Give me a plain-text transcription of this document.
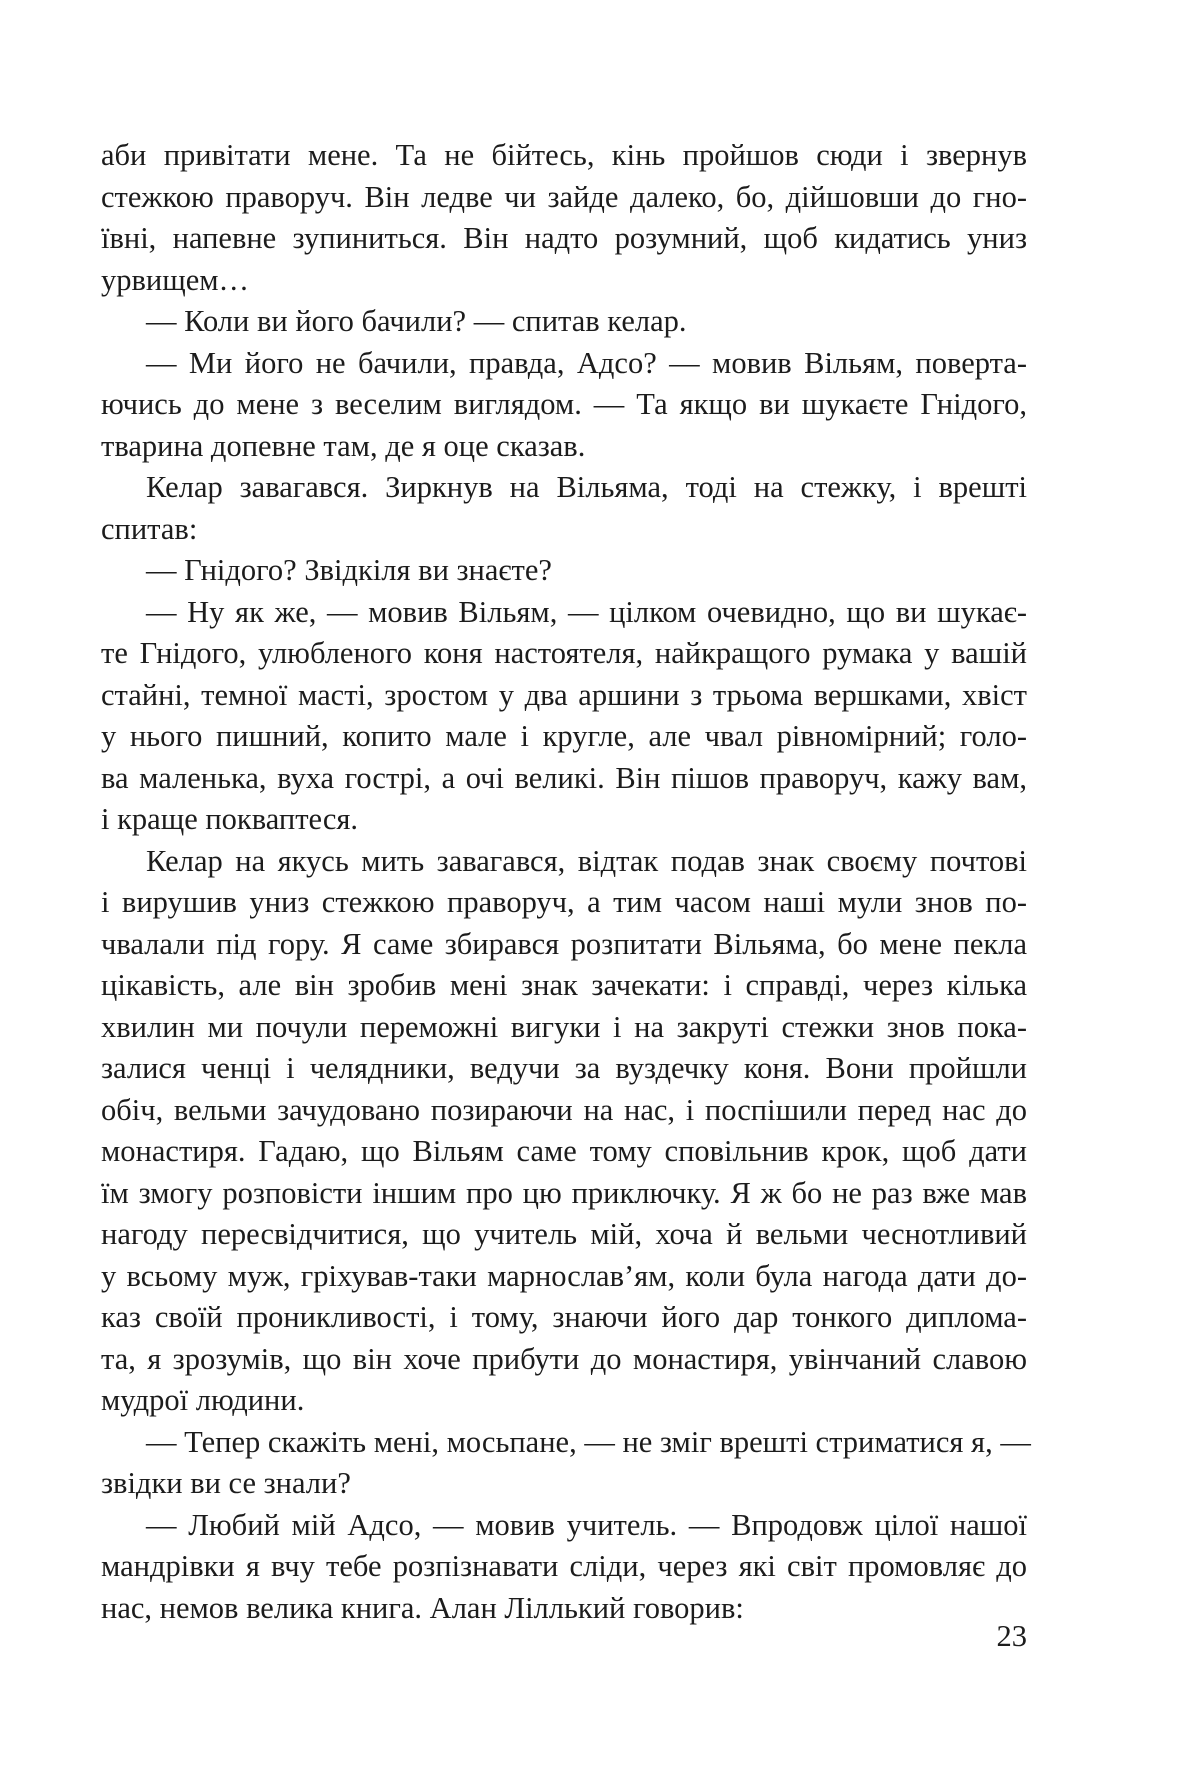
аби привітати мене. Та не бійтесь, кінь пройшов сюди і звернув
стежкою праворуч. Він ледве чи зайде далеко, бо, дійшовши до гно-
ївні, напевне зупиниться. Він надто розумний, щоб кидатись униз
урвищем…
— Коли ви його бачили? — спитав келар.
— Ми його не бачили, правда, Адсо? — мовив Вільям, поверта-
ючись до мене з веселим виглядом. — Та якщо ви шукаєте Гнідого,
тварина допевне там, де я оце сказав.
Келар завагався. Зиркнув на Вільяма, тоді на стежку, і врешті
спитав:
— Гнідого? Звідкіля ви знаєте?
— Ну як же, — мовив Вільям, — цілком очевидно, що ви шукає-
те Гнідого, улюбленого коня настоятеля, найкращого румака у вашій
стайні, темної масті, зростом у два аршини з трьома вершками, хвіст
у нього пишний, копито мале і кругле, але чвал рівномірний; голо-
ва маленька, вуха гострі, а очі великі. Він пішов праворуч, кажу вам,
і краще покваптеся.
Келар на якусь мить завагався, відтак подав знак своєму почтові
і вирушив униз стежкою праворуч, а тим часом наші мули знов по-
чвалали під гору. Я саме збирався розпитати Вільяма, бо мене пекла
цікавість, але він зробив мені знак зачекати: і справді, через кілька
хвилин ми почули переможні вигуки і на закруті стежки знов пока-
залися ченці і челядники, ведучи за вуздечку коня. Вони пройшли
обіч, вельми зачудовано позираючи на нас, і поспішили перед нас до
монастиря. Гадаю, що Вільям саме тому сповільнив крок, щоб дати
їм змогу розповісти іншим про цю приключку. Я ж бо не раз вже мав
нагоду пересвідчитися, що учитель мій, хоча й вельми чеснотливий
у всьому муж, гріхував-таки марнослав’ям, коли була нагода дати до-
каз своїй проникливості, і тому, знаючи його дар тонкого диплома-
та, я зрозумів, що він хоче прибути до монастиря, увінчаний славою
мудрої людини.
— Тепер скажіть мені, мосьпане, — не зміг врешті стриматися я, —
звідки ви се знали?
— Любий мій Адсо, — мовив учитель. — Впродовж цілої нашої
мандрівки я вчу тебе розпізнавати сліди, через які світ промовляє до
нас, немов велика книга. Алан Ліллький говорив:
23
